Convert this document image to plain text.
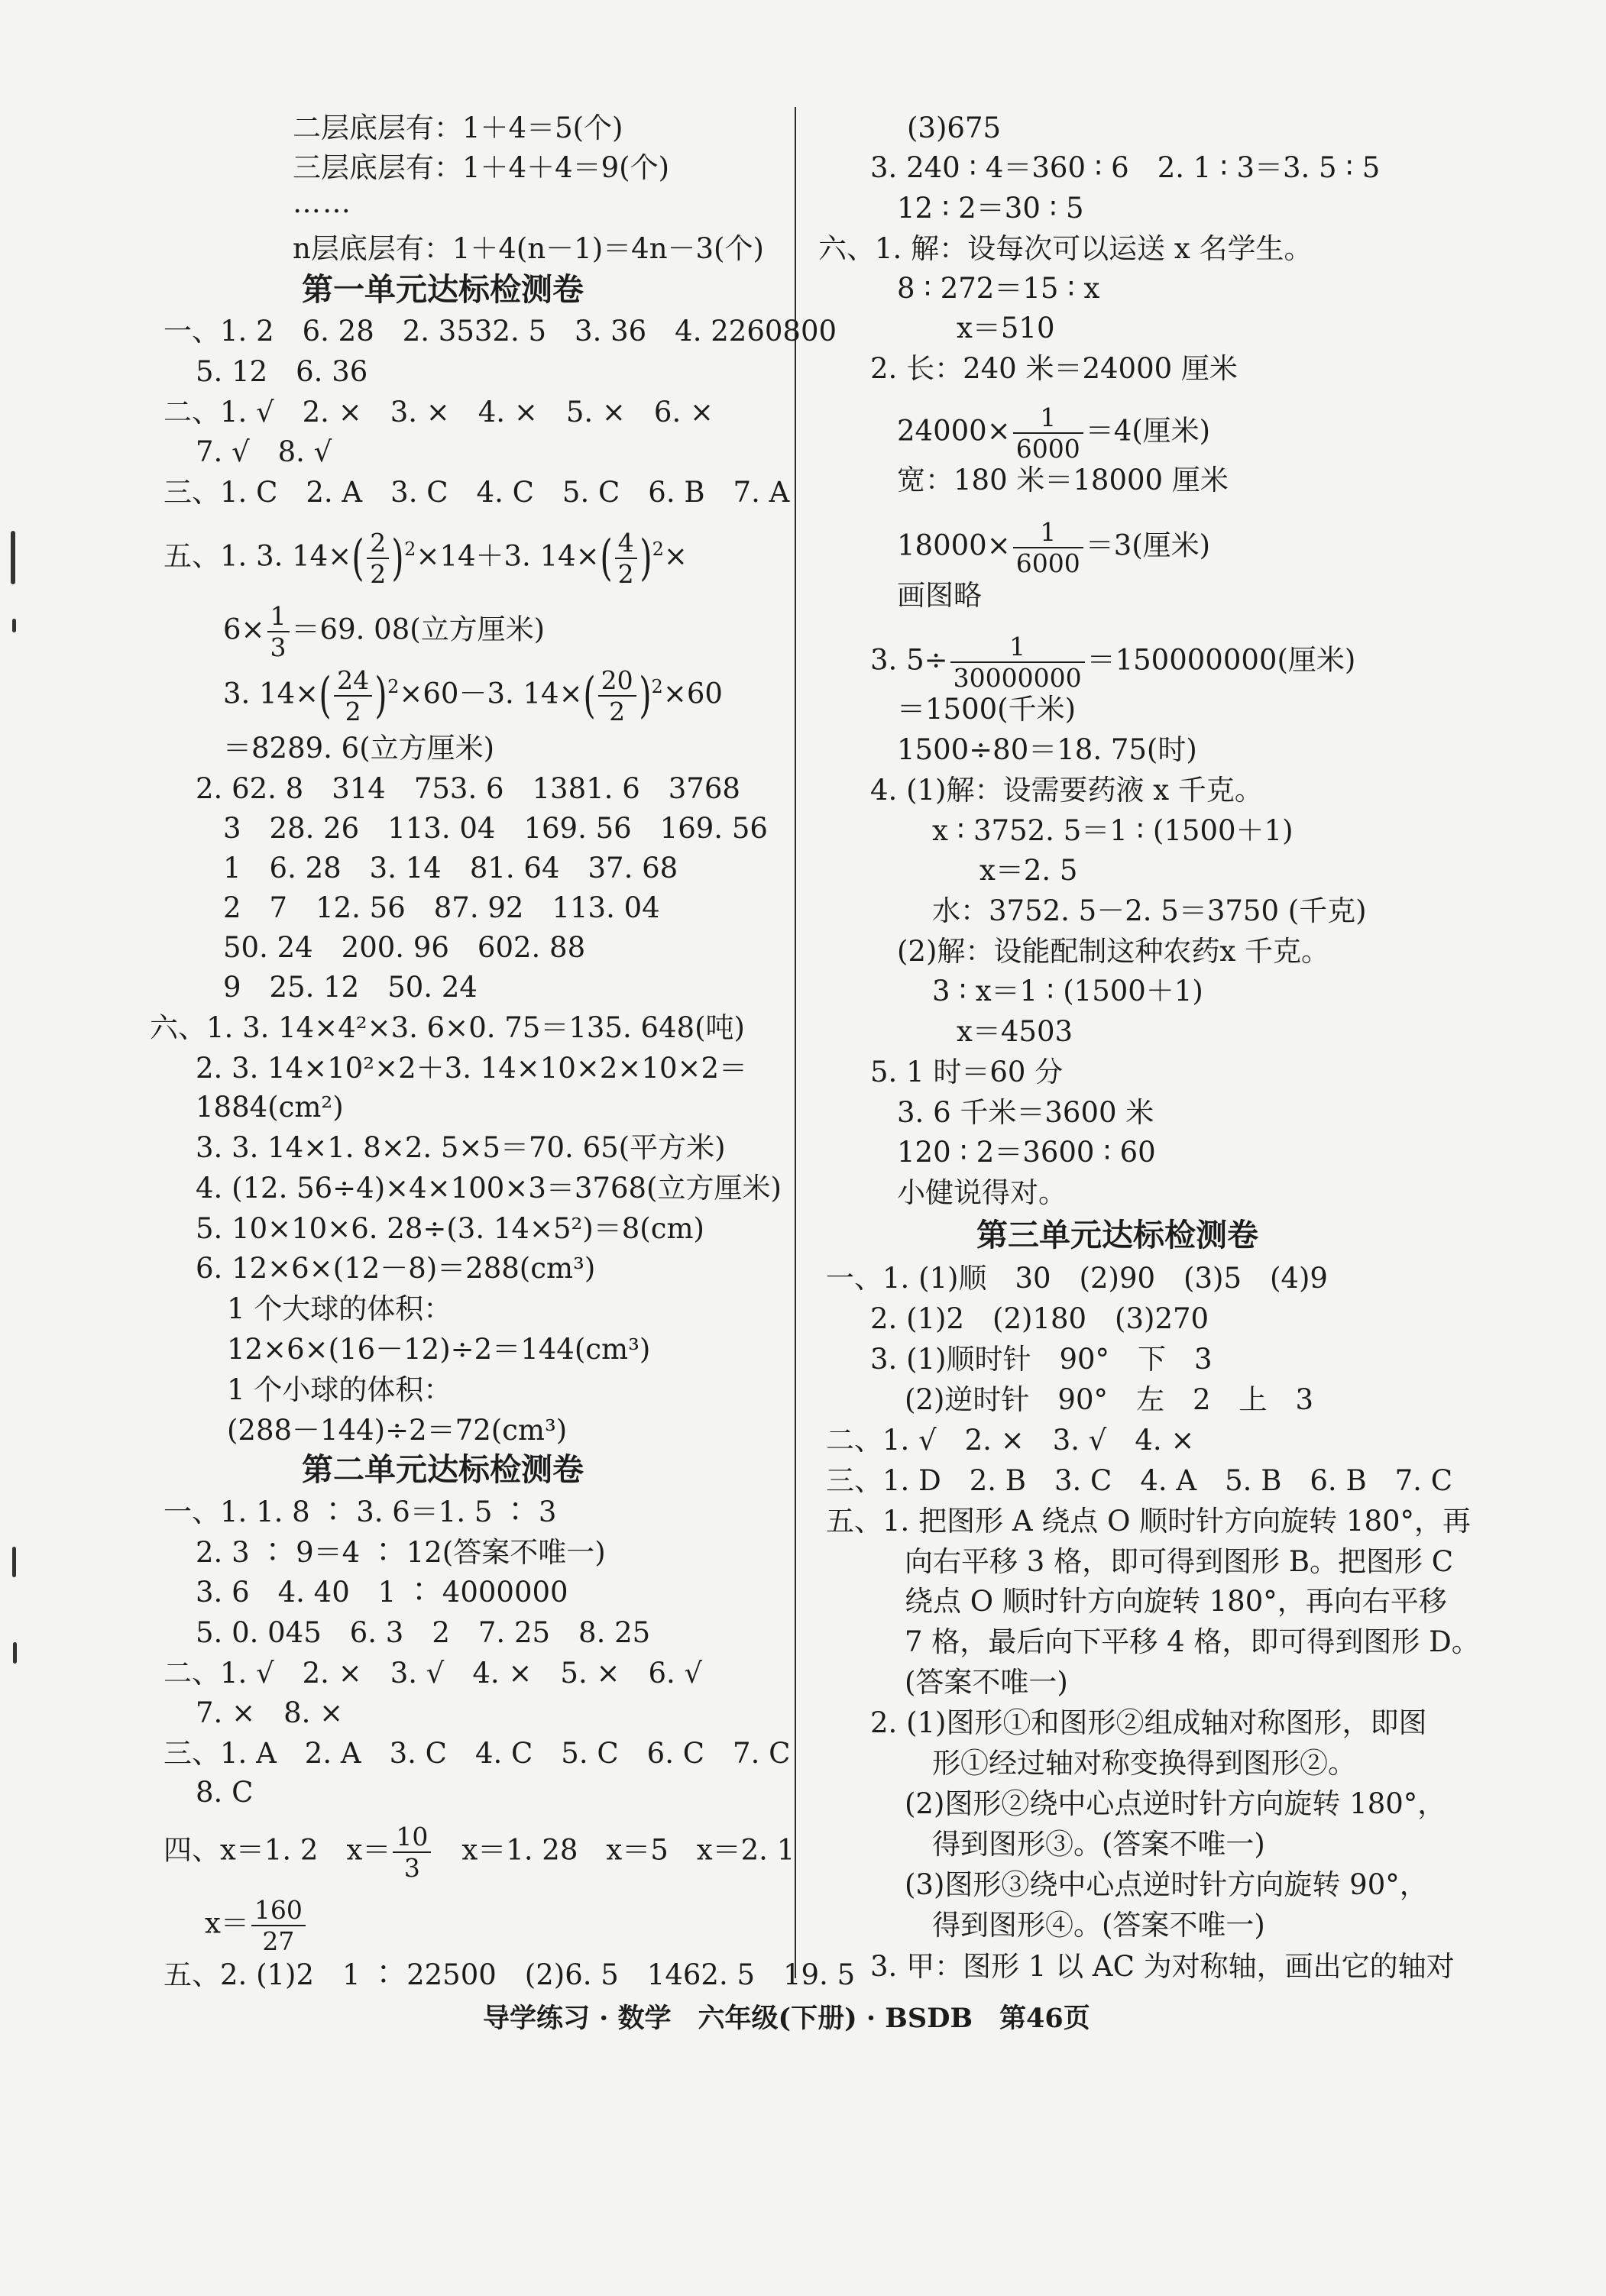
二层底层有：1＋4＝5(个)
三层底层有：1＋4＋4＝9(个)
……
n层底层有：1＋4(n－1)＝4n－3(个)
第一单元达标检测卷
一、1. 2　6. 28　2. 3532. 5　3. 36　4. 2260800
5. 12　6. 36
二、1. √　2. ×　3. ×　4. ×　5. ×　6. ×
7. √　8. √
三、1. C　2. A　3. C　4. C　5. C　6. B　7. A
五、1. 3. $14\times( \frac{2}{2} )^2\times 14+3$. $14\times( \frac{4}{2} )^2\times$
$6\times \frac{1}{3} =69$. 08(立方厘米)
3. $14\times( \frac{24}{2} )^2\times 60-3$. $14\times( \frac{20}{2} )^2\times 60$
＝8289. 6(立方厘米)
2. 62. 8　314　753. 6　1381. 6　3768
3　28. 26　113. 04　169. 56　169. 56
1　6. 28　3. 14　81. 64　37. 68
2　7　12. 56　87. 92　113. 04
50. 24　200. 96　602. 88
9　25. 12　50. 24
六、1. 3. 14×4²×3. 6×0. 75＝135. 648(吨)
2. 3. 14×10²×2＋3. 14×10×2×10×2＝
1884(cm²)
3. 3. 14×1. 8×2. 5×5＝70. 65(平方米)
4. (12. 56÷4)×4×100×3＝3768(立方厘米)
5. 10×10×6. 28÷(3. 14×5²)＝8(cm)
6. 12×6×(12－8)＝288(cm³)
1 个大球的体积：
12×6×(16－12)÷2＝144(cm³)
1 个小球的体积：
(288－144)÷2＝72(cm³)
第二单元达标检测卷
一、1. 1. 8 ∶ 3. 6＝1. 5 ∶ 3
2. 3 ∶ 9＝4 ∶ 12(答案不唯一)
3. 6　4. 40　1 ∶ 4000000
5. 0. 045　6. 3　2　7. 25　8. 25
二、1. √　2. ×　3. √　4. ×　5. ×　6. √
7. ×　8. ×
三、1. A　2. A　3. C　4. C　5. C　6. C　7. C
8. C
四、x＝1. 2　$x= \frac{10}{3}$ 　x＝1. 28　x＝5　x＝2. 1
$x= \frac{160}{27}$
五、2. (1)2　1 ∶ 22500　(2)6. 5　1462. 5　19. 5
(3)675
3. 240 ∶ 4＝360 ∶ 6　2. 1 ∶ 3＝3. 5 ∶ 5
12 ∶ 2＝30 ∶ 5
六、1. 解：设每次可以运送 x 名学生。
8 ∶ 272＝15 ∶ x
x＝510
2. 长：240 米＝24000 厘米
$24000\times \frac{1}{6000} =4$(厘米)
宽：180 米＝18000 厘米
$18000\times \frac{1}{6000} =3$(厘米)
画图略
3. $5\div \frac{1}{30000000} =150000000$(厘米)
＝1500(千米)
1500÷80＝18. 75(时)
4. (1)解：设需要药液 x 千克。
x ∶ 3752. 5＝1 ∶ (1500＋1)
x＝2. 5
水：3752. 5－2. 5＝3750 (千克)
(2)解：设能配制这种农药x 千克。
3 ∶ x＝1 ∶ (1500＋1)
x＝4503
5. 1 时＝60 分
3. 6 千米＝3600 米
120 ∶ 2＝3600 ∶ 60
小健说得对。
第三单元达标检测卷
一、1. (1)顺　30　(2)90　(3)5　(4)9
2. (1)2　(2)180　(3)270
3. (1)顺时针　90°　下　3
(2)逆时针　90°　左　2　上　3
二、1. √　2. ×　3. √　4. ×
三、1. D　2. B　3. C　4. A　5. B　6. B　7. C
五、1. 把图形 A 绕点 O 顺时针方向旋转 180°，再
向右平移 3 格，即可得到图形 B。把图形 C
绕点 O 顺时针方向旋转 180°，再向右平移
7 格，最后向下平移 4 格，即可得到图形 D。
(答案不唯一)
2. (1)图形①和图形②组成轴对称图形，即图
形①经过轴对称变换得到图形②。
(2)图形②绕中心点逆时针方向旋转 180°，
得到图形③。(答案不唯一)
(3)图形③绕中心点逆时针方向旋转 90°，
得到图形④。(答案不唯一)
3. 甲：图形 1 以 AC 为对称轴，画出它的轴对
导学练习 · 数学　六年级(下册) · BSDB　第46页
